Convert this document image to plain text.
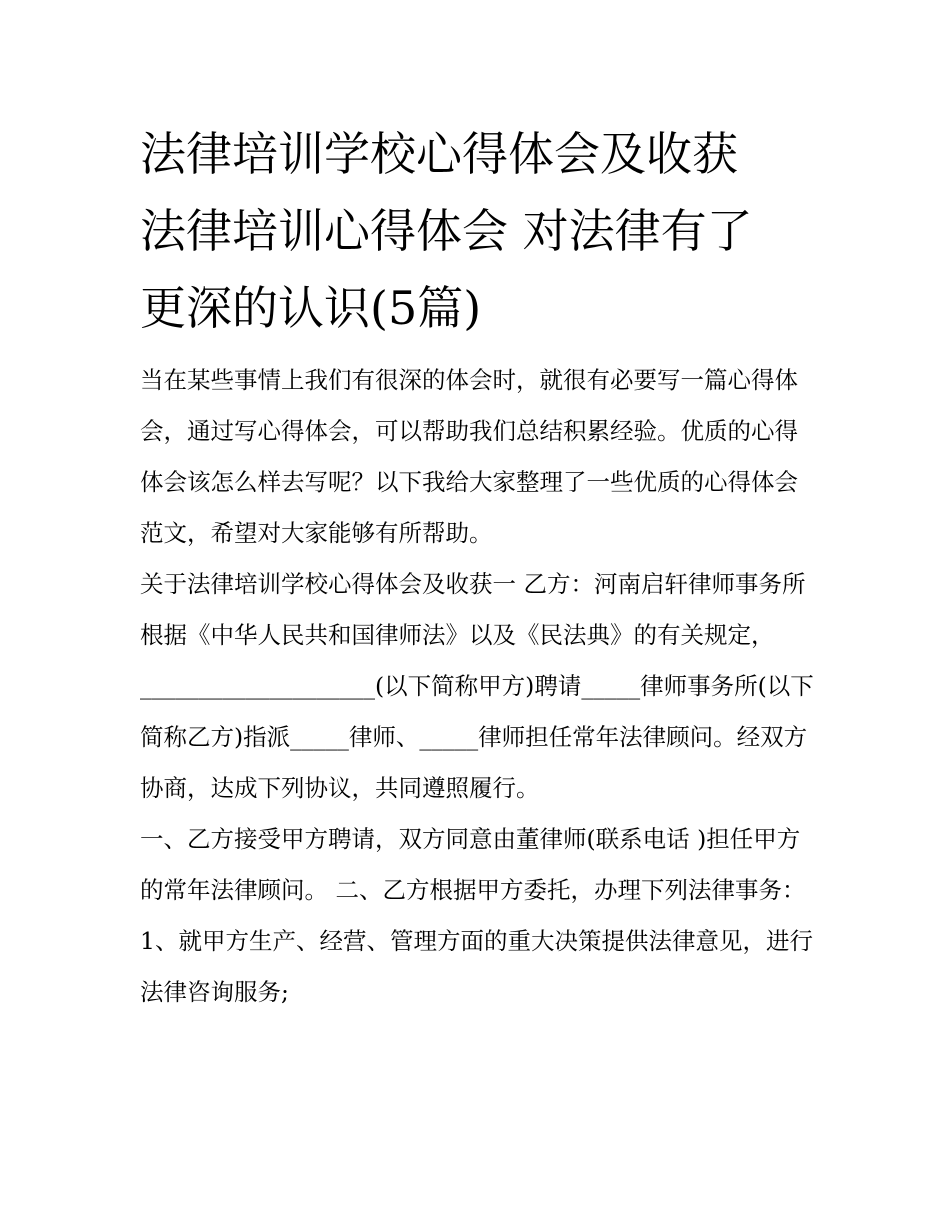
法律培训学校心得体会及收获
法律培训心得体会 对法律有了
更深的认识(5篇)

当在某些事情上我们有很深的体会时，就很有必要写一篇心得体会，通过写心得体会，可以帮助我们总结积累经验。优质的心得体会该怎么样去写呢？以下我给大家整理了一些优质的心得体会范文，希望对大家能够有所帮助。

关于法律培训学校心得体会及收获一 乙方：河南启轩律师事务所

根据《中华人民共和国律师法》以及《民法典》的有关规定，____________________(以下简称甲方)聘请_____律师事务所(以下简称乙方)指派_____律师、_____律师担任常年法律顾问。经双方协商，达成下列协议，共同遵照履行。

一、乙方接受甲方聘请，双方同意由董律师(联系电话 )担任甲方的常年法律顾问。 二、乙方根据甲方委托，办理下列法律事务：

1、就甲方生产、经营、管理方面的重大决策提供法律意见，进行法律咨询服务;
